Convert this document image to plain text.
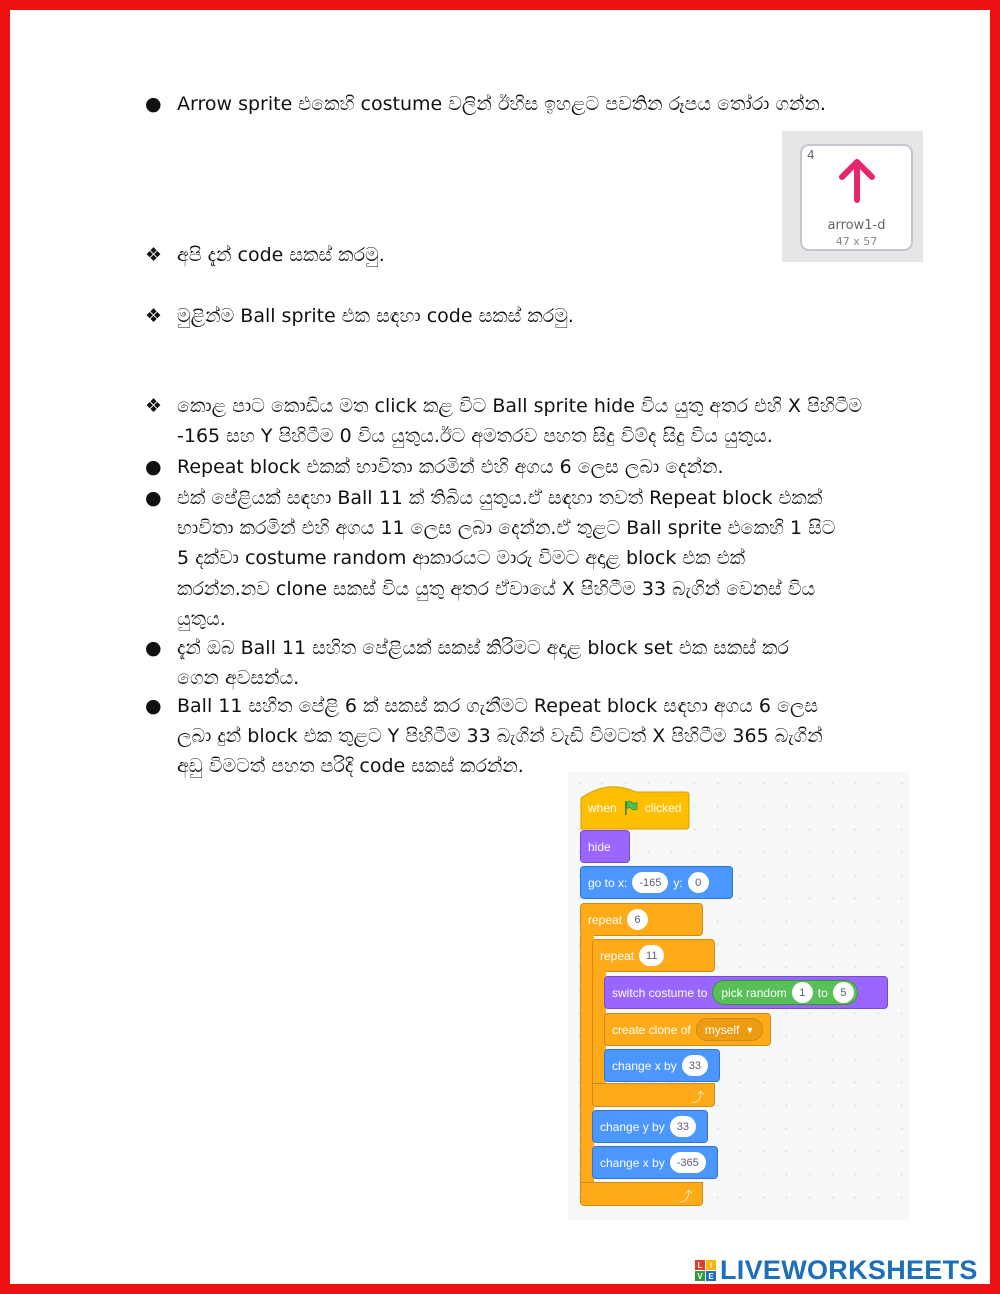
● Arrow sprite එකෙහි costume වලින් ඊහිස ඉහළට පවතින රූපය තෝරා ගන්න.

4
arrow1-d
47 x 57
❖ අපි දැන් code සකස් කරමු.

❖ මුළින්ම Ball sprite එක සඳහා code සකස් කරමු.

❖ කොළ පාට කොඩිය මත click කළ විට Ball sprite hide විය යුතු අතර එහි X පිහිටීම
-165 සහ Y පිහිටීම 0 විය යුතුය.ඊට අමතරව පහත සිදු විම්ද සිදු විය යුතුය.
● Repeat block එකක් භාවිතා කරමින් එහි අගය 6 ලෙස ලබා දෙන්න.

● එක් පේළියක් සඳහා Ball 11 ක් තිබිය යුතුය.ඒ සඳහා තවත් Repeat block එකක්
භාවිතා කරමින් එහි අගය 11 ලෙස ලබා දෙන්න.ඒ තුළට Ball sprite එකෙහි 1 සිට
5 දක්වා costume random ආකාරයට මාරු විමට අදාළ block එක එක්
කරන්න.නව clone සකස් විය යුතු අතර ඒවායේ X පිහිටීම 33 බැගින් වෙනස් විය
යුතුය.
● දැන් ඔබ Ball 11 සහිත පේළියක් සකස් කිරිමට අදාළ block set එක සකස් කර
ගෙන අවසන්ය.
● Ball 11 සහිත පේළි 6 ක් සකස් කර ගැනීමට Repeat block සඳහා අගය 6 ලෙස
ලබා දුන් block එක තුළට Y පිහිටීම 33 බැගින් වැඩි විමටත් X පිහිටීම 365 බැගින්
අඩු විමටත් පහත පරිදි code සකස් කරන්න.
when clicked
hide
go to x:	-165	y:	0
repeat	6
⤴
repeat	11
⤴
switch costume to pick random	1	to	5
create clone of myself ▼
change x by	33
change y by	33
change x by	-365
L I
V E LIVEWORKSHEETS
